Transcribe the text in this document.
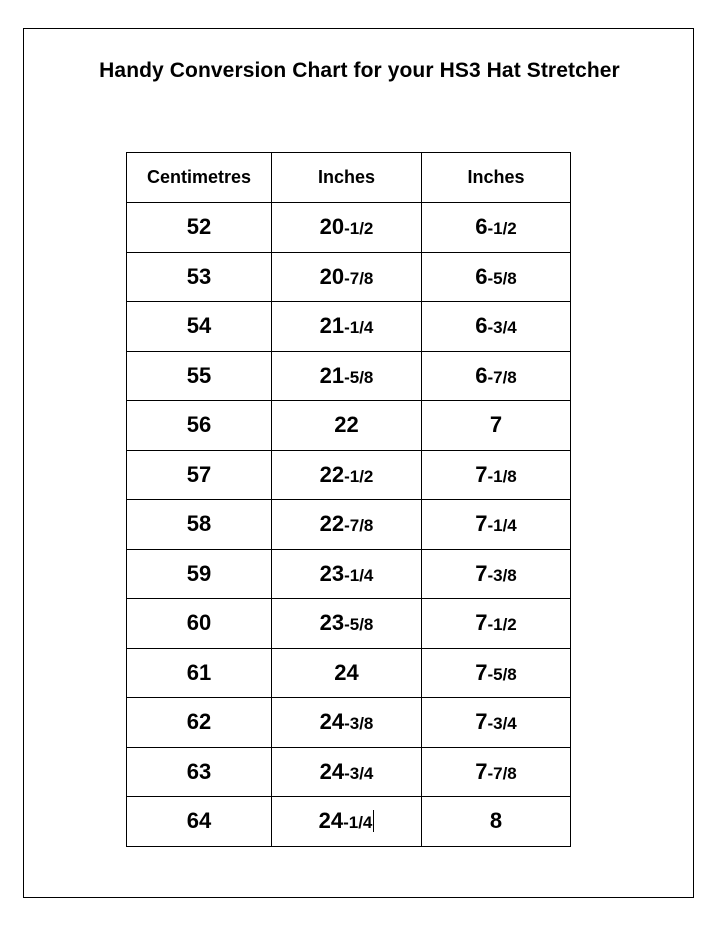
Handy Conversion Chart for your HS3 Hat Stretcher
Centimetres	Inches	Inches
52	20-1/2	6-1/2
53	20-7/8	6-5/8
54	21-1/4	6-3/4
55	21-5/8	6-7/8
56	22	7
57	22-1/2	7-1/8
58	22-7/8	7-1/4
59	23-1/4	7-3/8
60	23-5/8	7-1/2
61	24	7-5/8
62	24-3/8	7-3/4
63	24-3/4	7-7/8
64	24-1/4	8
